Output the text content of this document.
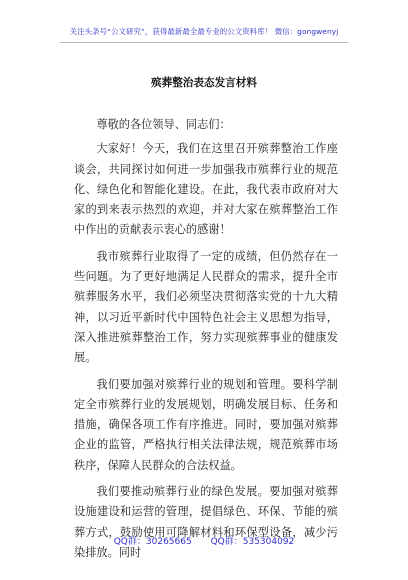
关注头条号“公文研究”，获得最新最全最专业的公文资料库！ 微信：gongwenyj
殡葬整治表态发言材料

尊敬的各位领导、同志们：

大家好！今天，我们在这里召开殡葬整治工作座谈会，共同探讨如何进一步加强我市殡葬行业的规范化、绿色化和智能化建设。在此，我代表市政府对大家的到来表示热烈的欢迎，并对大家在殡葬整治工作中作出的贡献表示衷心的感谢！

我市殡葬行业取得了一定的成绩，但仍然存在一些问题。为了更好地满足人民群众的需求，提升全市殡葬服务水平，我们必须坚决贯彻落实党的十九大精神，以习近平新时代中国特色社会主义思想为指导，深入推进殡葬整治工作，努力实现殡葬事业的健康发展。

我们要加强对殡葬行业的规划和管理。要科学制定全市殡葬行业的发展规划，明确发展目标、任务和措施，确保各项工作有序推进。同时，要加强对殡葬企业的监管，严格执行相关法律法规，规范殡葬市场秩序，保障人民群众的合法权益。

我们要推动殡葬行业的绿色发展。要加强对殡葬设施建设和运营的管理，提倡绿色、环保、节能的殡葬方式，鼓励使用可降解材料和环保型设备，减少污染排放。同时

QQ群：30265665 QQ群：535304092
